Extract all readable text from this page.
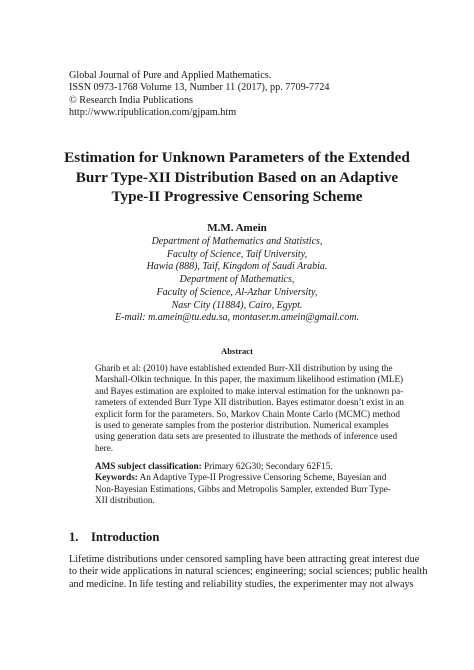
Global Journal of Pure and Applied Mathematics.
ISSN 0973-1768 Volume 13, Number 11 (2017), pp. 7709-7724
© Research India Publications
http://www.ripublication.com/gjpam.htm
Estimation for Unknown Parameters of the Extended
Burr Type-XII Distribution Based on an Adaptive
Type-II Progressive Censoring Scheme
M.M. Amein
Department of Mathematics and Statistics,
Faculty of Science, Taif University,
Hawia (888), Taif, Kingdom of Saudi Arabia.
Department of Mathematics,
Faculty of Science, Al-Azhar University,
Nasr City (11884), Cairo, Egypt.
E-mail: m.amein@tu.edu.sa, montaser.m.amein@gmail.com.
Abstract
Gharib et al: (2010) have established extended Burr-XII distribution by using the
Marshall-Olkin technique. In this paper, the maximum likelihood estimation (MLE)
and Bayes estimation are exploited to make interval estimation for the unknown pa-
rameters of extended Burr Type XII distribution. Bayes estimator doesn’t exist in an
explicit form for the parameters. So, Markov Chain Monte Carlo (MCMC) method
is used to generate samples from the posterior distribution. Numerical examples
using generation data sets are presented to illustrate the methods of inference used
here.
AMS subject classification: Primary 62G30; Secondary 62F15.
Keywords: An Adaptive Type-II Progressive Censoring Scheme, Bayesian and
Non-Bayesian Estimations, Gibbs and Metropolis Sampler, extended Burr Type-
XII distribution.
1. Introduction
Lifetime distributions under censored sampling have been attracting great interest due
to their wide applications in natural sciences; engineering; social sciences; public health
and medicine. In life testing and reliability studies, the experimenter may not always
